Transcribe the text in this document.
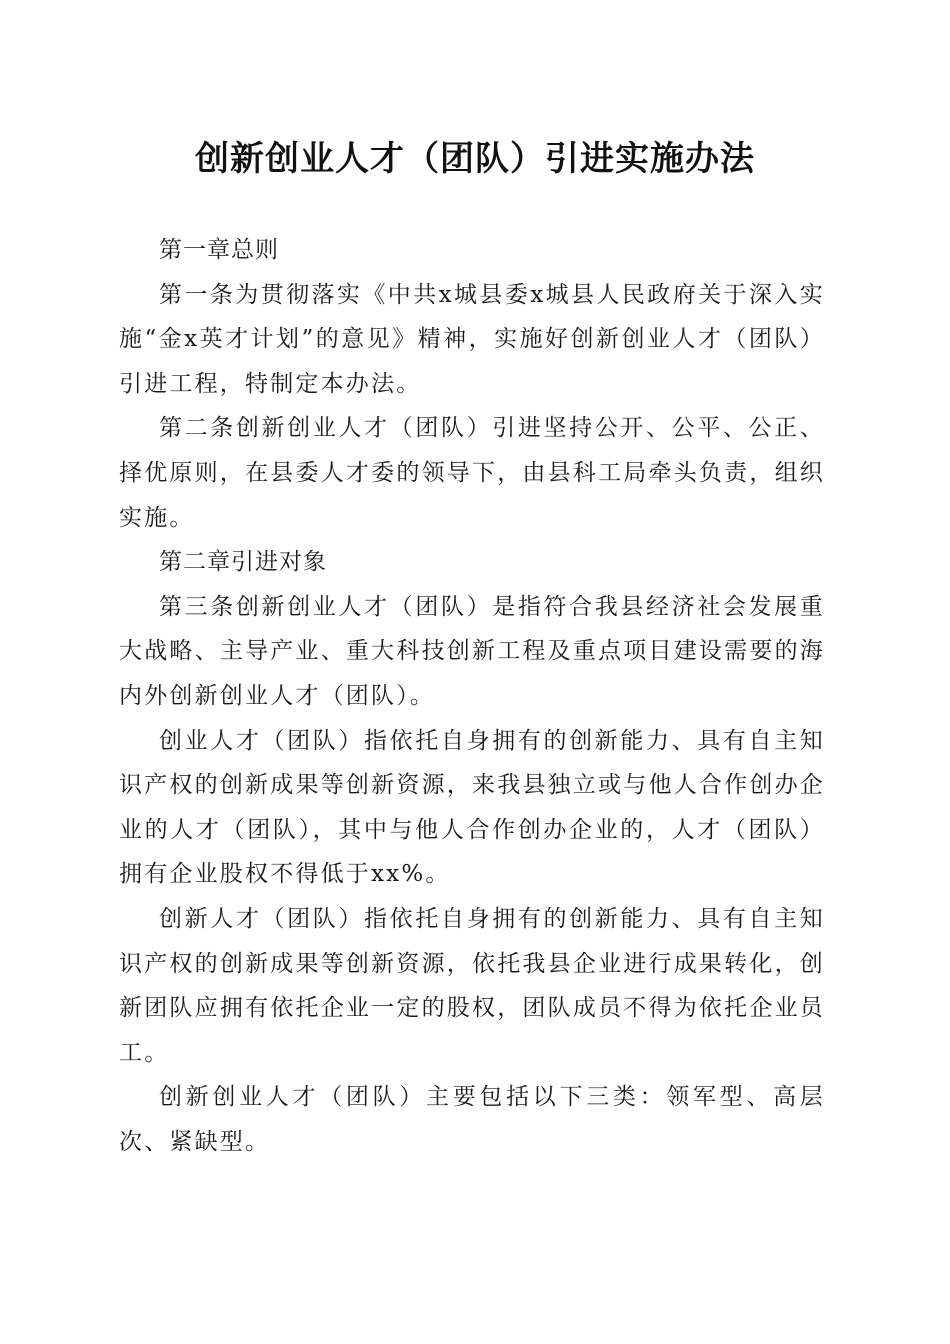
创新创业人才（团队）引进实施办法

第一章总则

第一条为贯彻落实《中共x城县委x城县人民政府关于深入实施“金x英才计划”的意见》精神，实施好创新创业人才（团队）引进工程，特制定本办法。

第二条创新创业人才（团队）引进坚持公开、公平、公正、择优原则，在县委人才委的领导下，由县科工局牵头负责，组织实施。

第二章引进对象

第三条创新创业人才（团队）是指符合我县经济社会发展重大战略、主导产业、重大科技创新工程及重点项目建设需要的海内外创新创业人才（团队）。

创业人才（团队）指依托自身拥有的创新能力、具有自主知识产权的创新成果等创新资源，来我县独立或与他人合作创办企业的人才（团队），其中与他人合作创办企业的，人才（团队）拥有企业股权不得低于xx%。

创新人才（团队）指依托自身拥有的创新能力、具有自主知识产权的创新成果等创新资源，依托我县企业进行成果转化，创新团队应拥有依托企业一定的股权，团队成员不得为依托企业员工。

创新创业人才（团队）主要包括以下三类：领军型、高层次、紧缺型。
